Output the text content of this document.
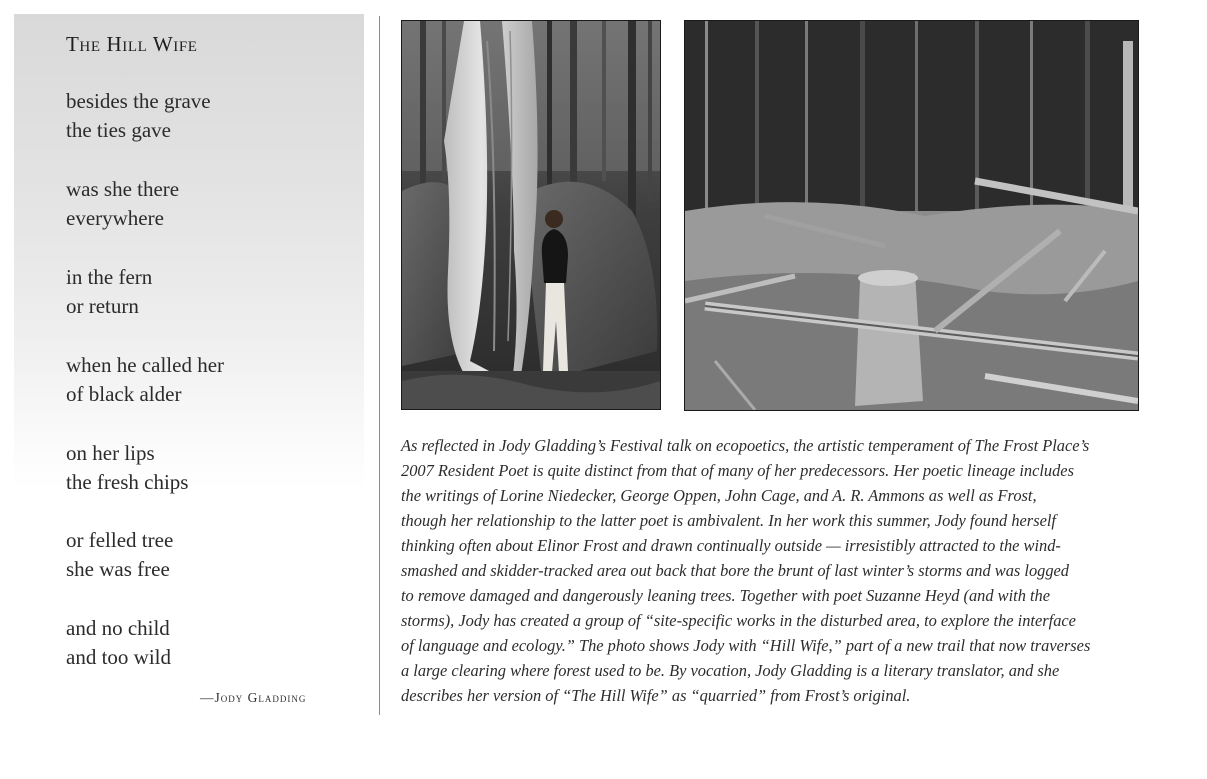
The Hill Wife

besides the grave
the ties gave

was she there
everywhere

in the fern
or return

when he called her
of black alder

on her lips
the fresh chips

or felled tree
she was free

and no child
and too wild

—Jody Gladding

As reflected in Jody Gladding’s Festival talk on ecopoetics, the artistic temperament of The Frost Place’s
2007 Resident Poet is quite distinct from that of many of her predecessors. Her poetic lineage includes
the writings of Lorine Niedecker, George Oppen, John Cage, and A. R. Ammons as well as Frost,
though her relationship to the latter poet is ambivalent. In her work this summer, Jody found herself
thinking often about Elinor Frost and drawn continually outside — irresistibly attracted to the wind-
smashed and skidder-tracked area out back that bore the brunt of last winter’s storms and was logged
to remove damaged and dangerously leaning trees. Together with poet Suzanne Heyd (and with the
storms), Jody has created a group of “site-specific works in the disturbed area, to explore the interface
of language and ecology.” The photo shows Jody with “Hill Wife,” part of a new trail that now traverses
a large clearing where forest used to be. By vocation, Jody Gladding is a literary translator, and she
describes her version of “The Hill Wife” as “quarried” from Frost’s original.
